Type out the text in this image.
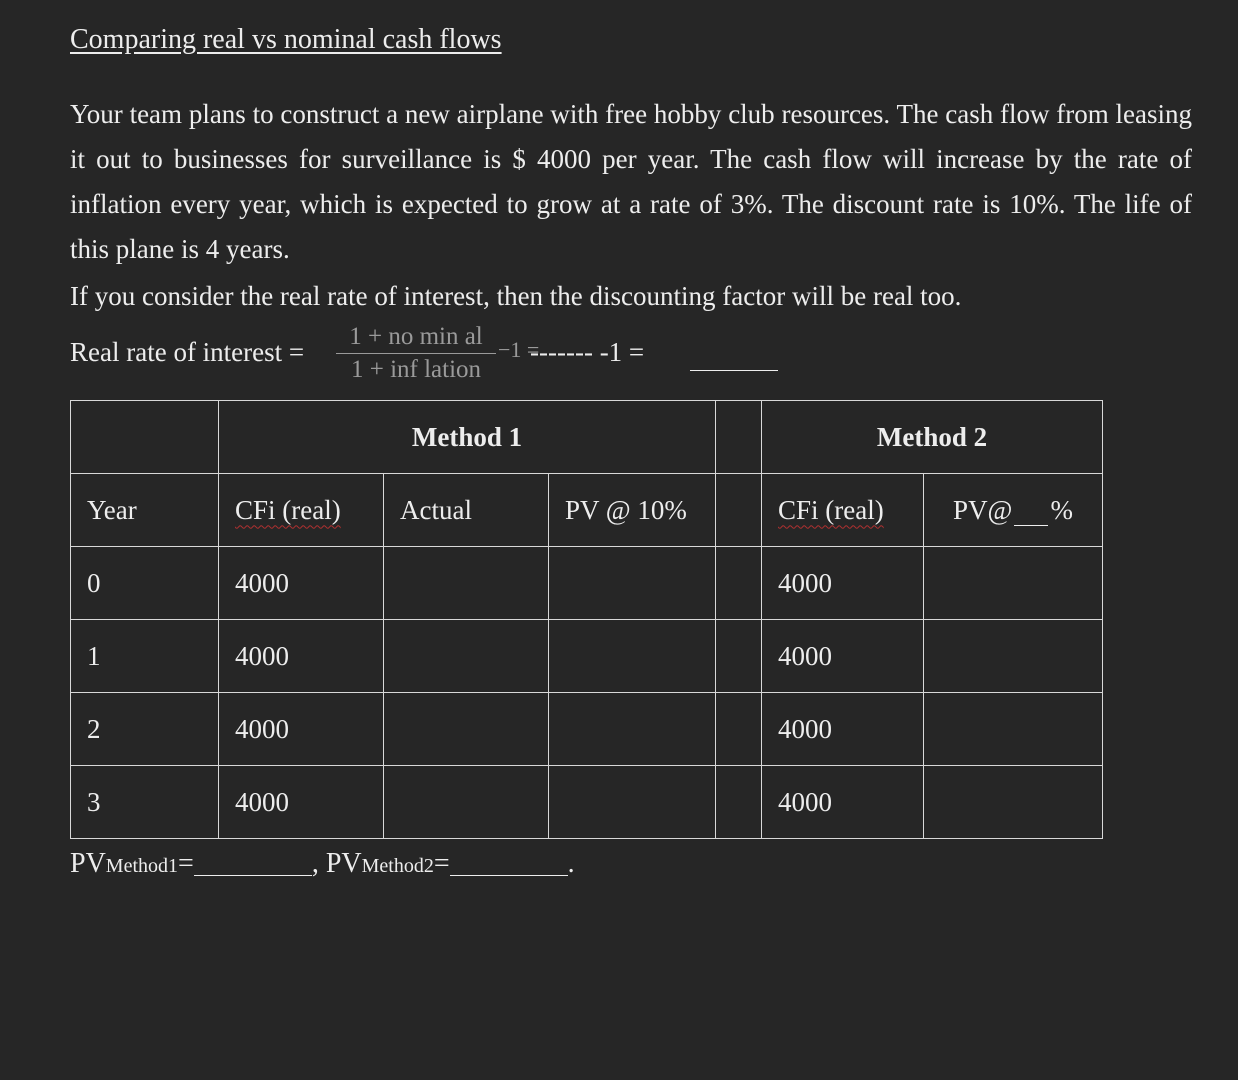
Comparing real vs nominal cash flows

Your team plans to construct a new airplane with free hobby club resources. The cash flow from leasing it out to businesses for surveillance is $ 4000 per year. The cash flow will increase by the rate of inflation every year, which is expected to grow at a rate of 3%. The discount rate is 10%. The life of this plane is 4 years.

If you consider the real rate of interest, then the discounting factor will be real too.

Real rate of interest =
1 + no min al
1 + inf lation
−1 =
------- -1 =
	Method 1				Method 2	
Year	CFi (real)	Actual	PV @ 10%		CFi (real)	PV@ %
0	4000				4000	
1	4000				4000	
2	4000				4000	
3	4000				4000	
PVMethod1=	, PVMethod2=	.
